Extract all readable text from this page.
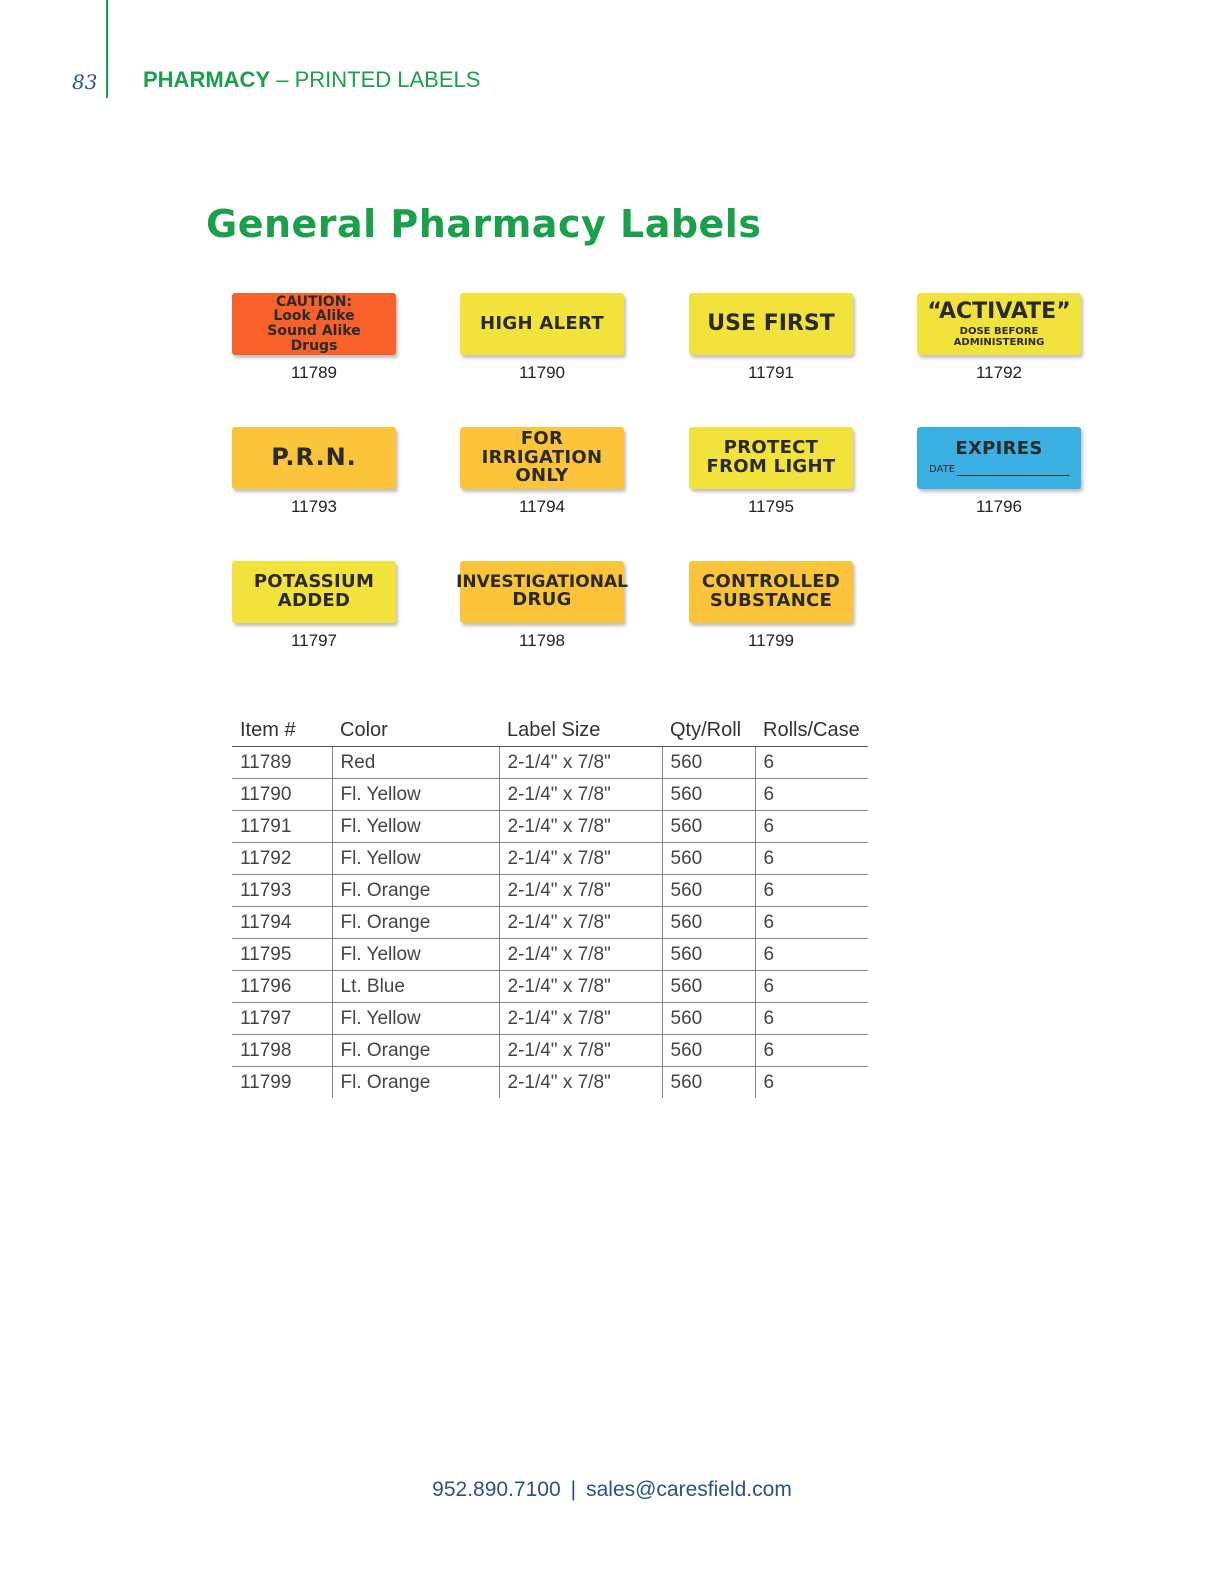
83 PHARMACY – PRINTED LABELS
General Pharmacy Labels
CAUTION:
Look Alike
Sound Alike
Drugs
11789
HIGH ALERT
11790
USE FIRST
11791
“ACTIVATE”
DOSE BEFORE ADMINISTERING
11792
P.R.N.
11793
FOR IRRIGATION
ONLY
11794
PROTECT
FROM LIGHT
11795
EXPIRES
DATE
11796
POTASSIUM
ADDED
11797
INVESTIGATIONAL
DRUG
11798
CONTROLLED
SUBSTANCE
11799
Item #	Color	Label Size	Qty/Roll	Rolls/Case
11789	Red	2-1/4" x 7/8"	560	6
11790	Fl. Yellow	2-1/4" x 7/8"	560	6
11791	Fl. Yellow	2-1/4" x 7/8"	560	6
11792	Fl. Yellow	2-1/4" x 7/8"	560	6
11793	Fl. Orange	2-1/4" x 7/8"	560	6
11794	Fl. Orange	2-1/4" x 7/8"	560	6
11795	Fl. Yellow	2-1/4" x 7/8"	560	6
11796	Lt. Blue	2-1/4" x 7/8"	560	6
11797	Fl. Yellow	2-1/4" x 7/8"	560	6
11798	Fl. Orange	2-1/4" x 7/8"	560	6
11799	Fl. Orange	2-1/4" x 7/8"	560	6
952.890.7100 | sales@caresfield.com
